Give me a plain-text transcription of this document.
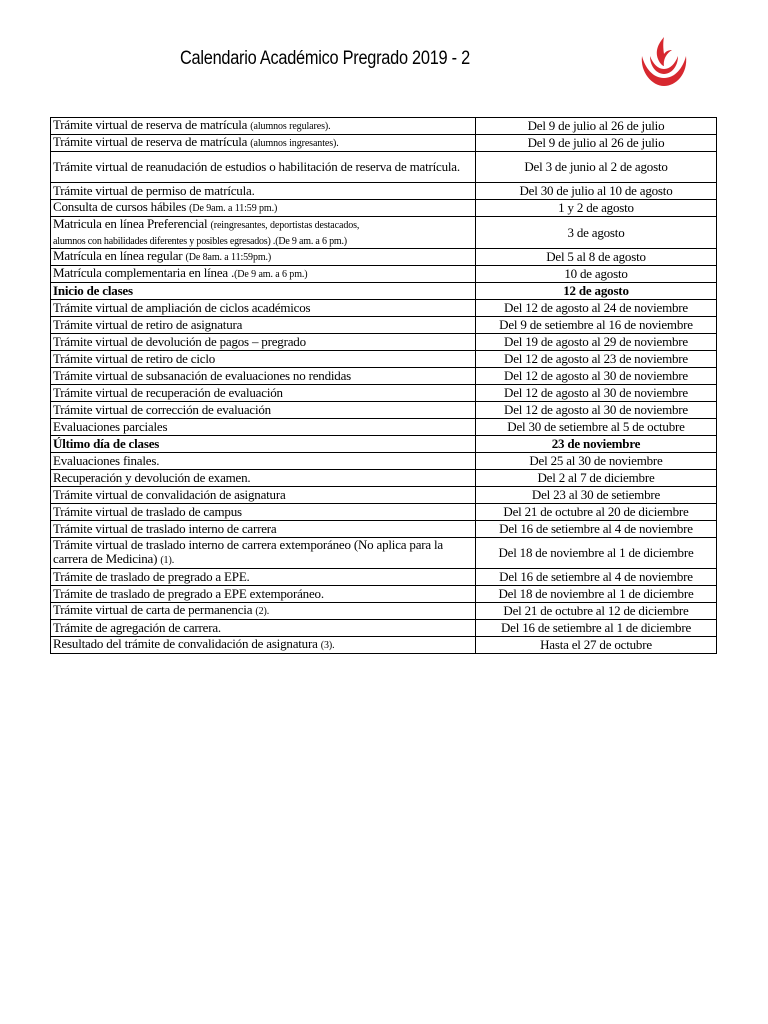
Calendario Académico Pregrado 2019 - 2
Trámite virtual de reserva de matrícula (alumnos regulares).	Del 9 de julio al 26 de julio
Trámite virtual de reserva de matrícula (alumnos ingresantes).	Del 9 de julio al 26 de julio
Trámite virtual de reanudación de estudios o habilitación de reserva de matrícula.	Del 3 de junio al 2 de agosto
Trámite virtual de permiso de matrícula.	Del 30 de julio al 10 de agosto
Consulta de cursos hábiles (De 9am. a 11:59 pm.)	1 y 2 de agosto
Matricula en línea Preferencial (reingresantes, deportistas destacados,
alumnos con habilidades diferentes y posibles egresados) .(De 9 am. a 6 pm.)	3 de agosto
Matrícula en línea regular (De 8am. a 11:59pm.)	Del 5 al 8 de agosto
Matrícula complementaria en línea .(De 9 am. a 6 pm.)	10 de agosto
Inicio de clases	12 de agosto
Trámite virtual de ampliación de ciclos académicos	Del 12 de agosto al 24 de noviembre
Trámite virtual de retiro de asignatura	Del 9 de setiembre al 16 de noviembre
Trámite virtual de devolución de pagos – pregrado	Del 19 de agosto al 29 de noviembre
Trámite virtual de retiro de ciclo	Del 12 de agosto al 23 de noviembre
Trámite virtual de subsanación de evaluaciones no rendidas	Del 12 de agosto al 30 de noviembre
Trámite virtual de recuperación de evaluación	Del 12 de agosto al 30 de noviembre
Trámite virtual de corrección de evaluación	Del 12 de agosto al 30 de noviembre
Evaluaciones parciales	Del 30 de setiembre al 5 de octubre
Último día de clases	23 de noviembre
Evaluaciones finales.	Del 25 al 30 de noviembre
Recuperación y devolución de examen.	Del 2 al 7 de diciembre
Trámite virtual de convalidación de asignatura	Del 23 al 30 de setiembre
Trámite virtual de traslado de campus	Del 21 de octubre al 20 de diciembre
Trámite virtual de traslado interno de carrera	Del 16 de setiembre al 4 de noviembre
Trámite virtual de traslado interno de carrera extemporáneo (No aplica para la carrera de Medicina) (1).	Del 18 de noviembre al 1 de diciembre
Trámite de traslado de pregrado a EPE.	Del 16 de setiembre al 4 de noviembre
Trámite de traslado de pregrado a EPE extemporáneo.	Del 18 de noviembre al 1 de diciembre
Trámite virtual de carta de permanencia (2).	Del 21 de octubre al 12 de diciembre
Trámite de agregación de carrera.	Del 16 de setiembre al 1 de diciembre
Resultado del trámite de convalidación de asignatura (3).	Hasta el 27 de octubre
